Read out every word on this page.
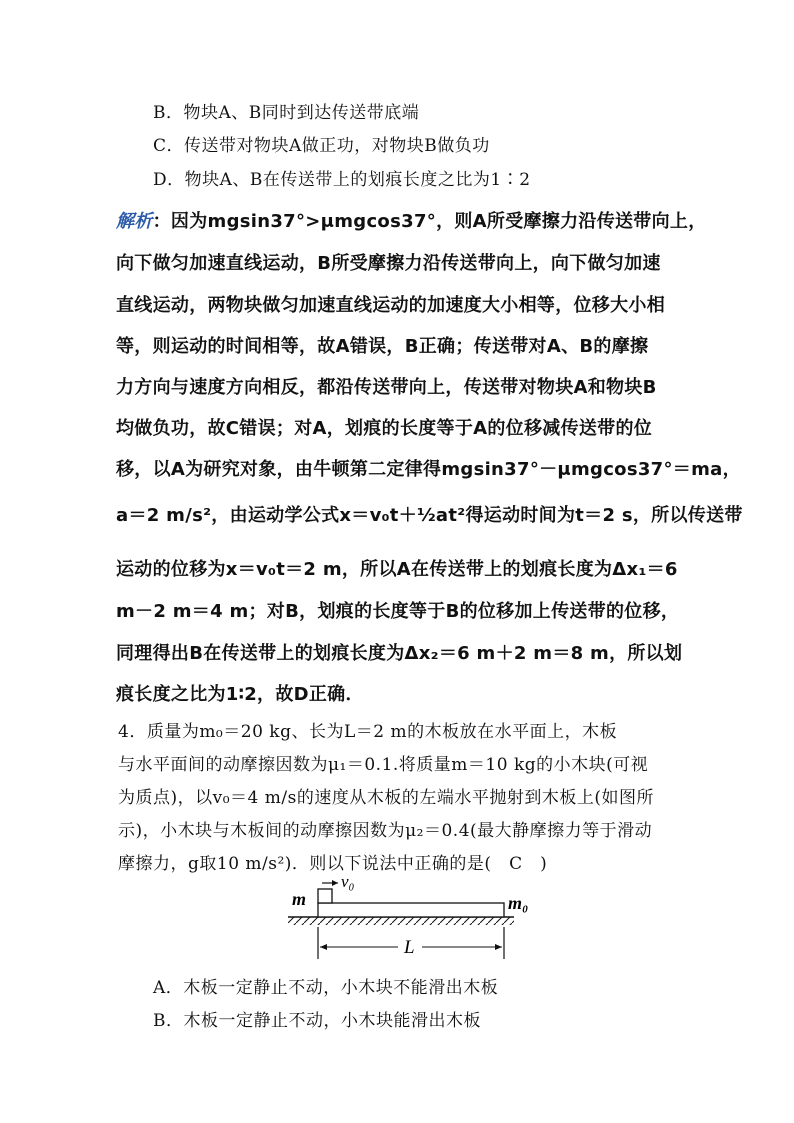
B．物块A、B同时到达传送带底端
C．传送带对物块A做正功，对物块B做负功
D．物块A、B在传送带上的划痕长度之比为1∶2
解析：因为mgsin37°>μmgcos37°，则A所受摩擦力沿传送带向上，
向下做匀加速直线运动，B所受摩擦力沿传送带向上，向下做匀加速
直线运动，两物块做匀加速直线运动的加速度大小相等，位移大小相
等，则运动的时间相等，故A错误，B正确；传送带对A、B的摩擦
力方向与速度方向相反，都沿传送带向上，传送带对物块A和物块B
均做负功，故C错误；对A，划痕的长度等于A的位移减传送带的位
移，以A为研究对象，由牛顿第二定律得mgsin37°－μmgcos37°＝ma，
a＝2 m/s²，由运动学公式x＝v₀t＋½at²得运动时间为t＝2 s，所以传送带
运动的位移为x＝v₀t＝2 m，所以A在传送带上的划痕长度为Δx₁＝6
m－2 m＝4 m；对B，划痕的长度等于B的位移加上传送带的位移，
同理得出B在传送带上的划痕长度为Δx₂＝6 m＋2 m＝8 m，所以划
痕长度之比为1∶2，故D正确．
4．质量为m₀＝20 kg、长为L＝2 m的木板放在水平面上，木板
与水平面间的动摩擦因数为μ₁＝0.1.将质量m＝10 kg的小木块(可视
为质点)，以v₀＝4 m/s的速度从木板的左端水平抛射到木板上(如图所
示)，小木块与木板间的动摩擦因数为μ₂＝0.4(最大静摩擦力等于滑动
摩擦力，g取10 m/s²)．则以下说法中正确的是(　C　)
v₀
m	m₀
L
A．木板一定静止不动，小木块不能滑出木板
B．木板一定静止不动，小木块能滑出木板
